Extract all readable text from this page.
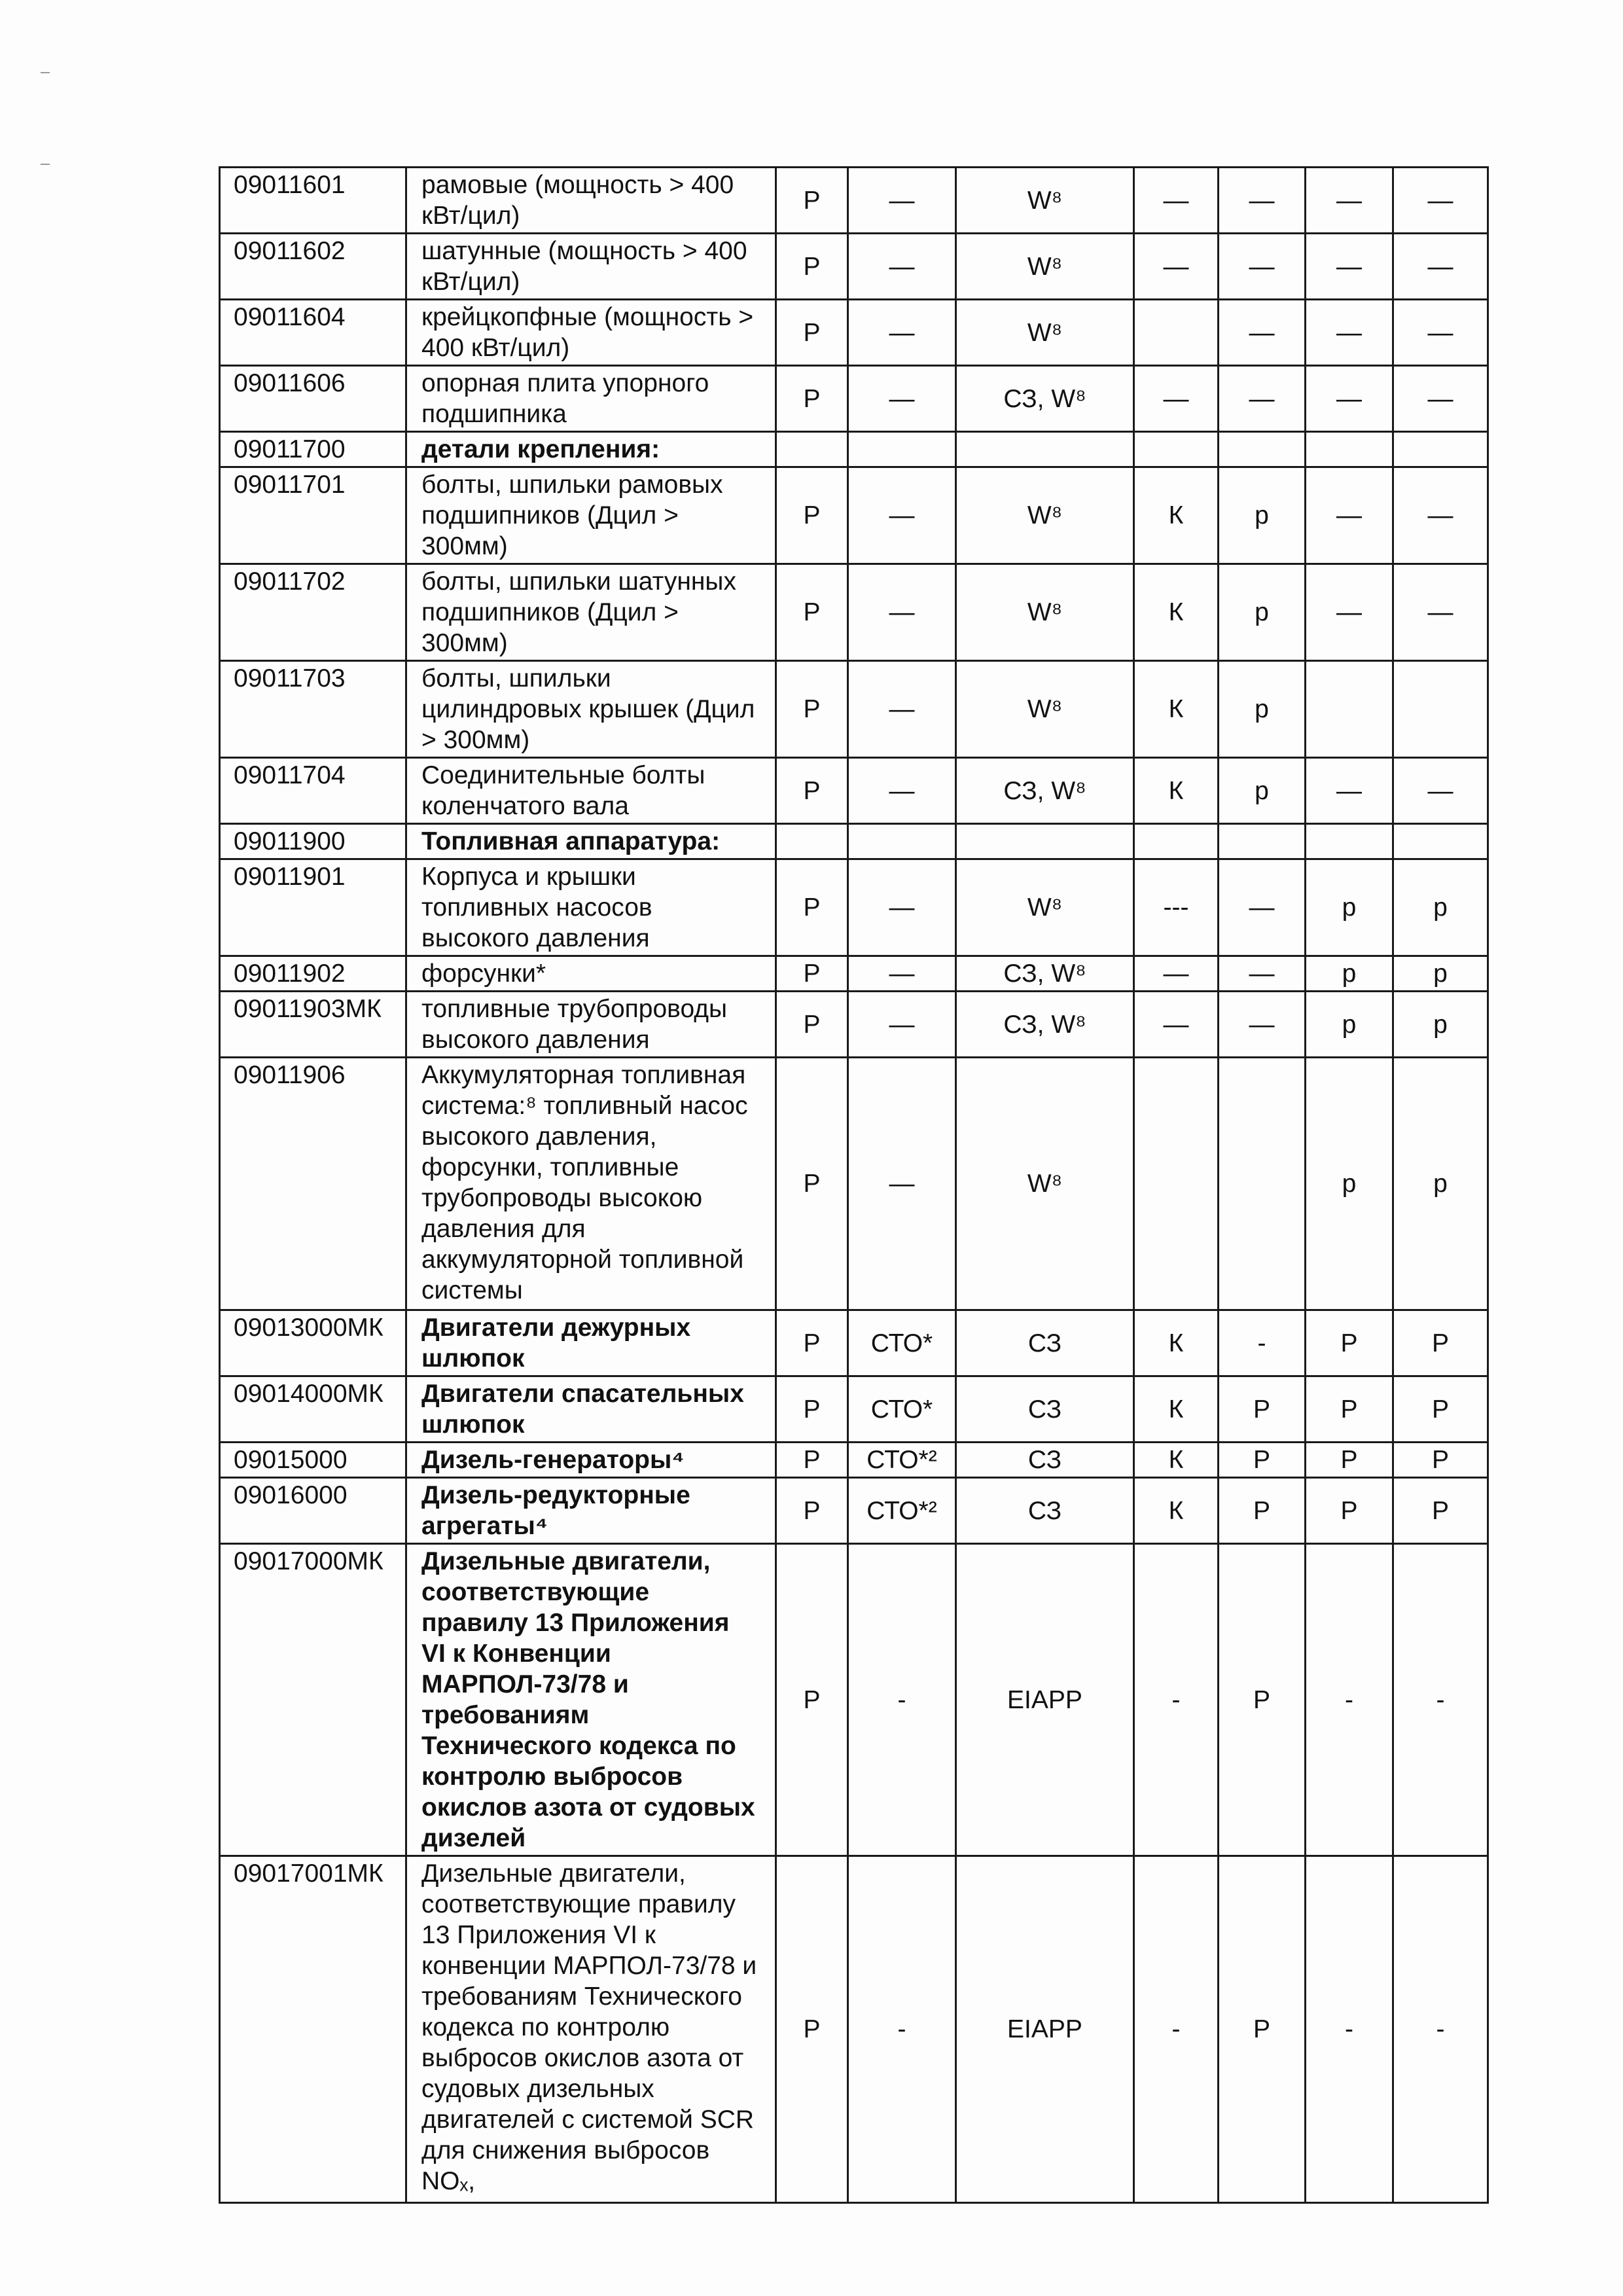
09011601	рамовые (мощность > 400 кВт/цил)	Р	—	W⁸	—	—	—	—
09011602	шатунные (мощность > 400 кВт/цил)	Р	—	W⁸	—	—	—	—
09011604	крейцкопфные (мощность > 400 кВт/цил)	Р	—	W⁸		—	—	—
09011606	опорная плита упорного подшипника	Р	—	СЗ, W⁸	—	—	—	—
09011700	детали крепления:							
09011701	болты, шпильки рамовых подшипников (Дцил > 300мм)	Р	—	W⁸	К	р	—	—
09011702	болты, шпильки шатунных подшипников (Дцил > 300мм)	Р	—	W⁸	К	р	—	—
09011703	болты, шпильки цилиндровых крышек (Дцил > 300мм)	Р	—	W⁸	К	р		
09011704	Соединительные болты коленчатого вала	Р	—	СЗ, W⁸	К	р	—	—
09011900	Топливная аппаратура:							
09011901	Корпуса и крышки топливных насосов высокого давления	Р	—	W⁸	---	—	р	р
09011902	форсунки*	Р	—	СЗ, W⁸	—	—	р	р
09011903МК	топливные трубопроводы высокого давления	Р	—	СЗ, W⁸	—	—	р	р
09011906	Аккумуляторная топливная система:⁸ топливный насос высокого давления, форсунки, топливные трубопроводы высокою давления для аккумуляторной топливной системы	Р	—	W⁸			р	р
09013000МК	Двигатели дежурных шлюпок	Р	СТО*	СЗ	К	-	Р	Р
09014000МК	Двигатели спасательных шлюпок	Р	СТО*	СЗ	К	Р	Р	Р
09015000	Дизель-генераторы⁴	Р	СТО*²	СЗ	К	Р	Р	Р
09016000	Дизель-редукторные агрегаты⁴	Р	СТО*²	СЗ	К	Р	Р	Р
09017000МК	Дизельные двигатели, соответствующие правилу 13 Приложения VI к Конвенции МАРПОЛ-73/78 и требованиям Технического кодекса по контролю выбросов окислов азота от судовых дизелей	Р	-	EIAPP	-	Р	-	-
09017001МК	Дизельные двигатели, соответствующие правилу 13 Приложения VI к конвенции МАРПОЛ-73/78 и требованиям Технического кодекса по контролю выбросов окислов азота от судовых дизельных двигателей с системой SCR для снижения выбросов NOₓ,	Р	-	EIAPP	-	Р	-	-
